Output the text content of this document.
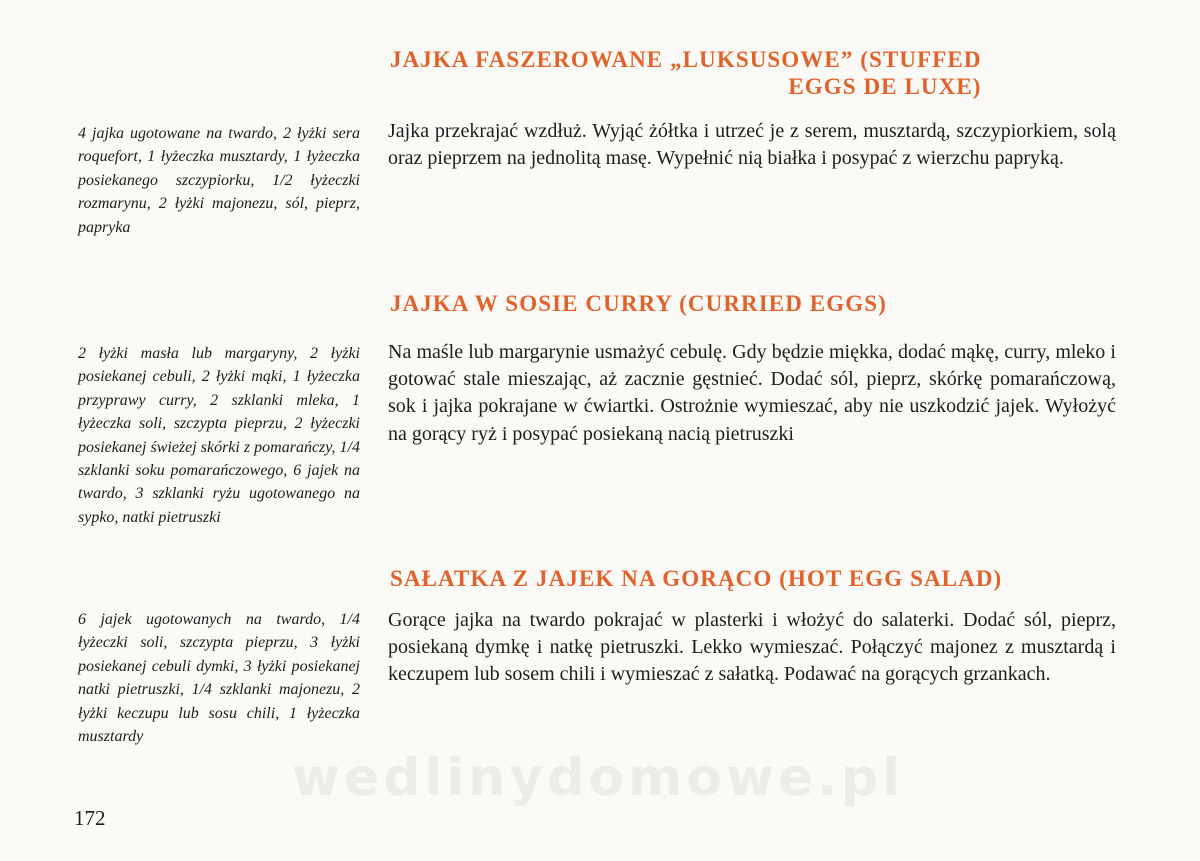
JAJKA FASZEROWANE „LUKSUSOWE” (STUFFED
EGGS DE LUXE)

4 jajka ugotowane na twardo, 2 łyżki sera roquefort, 1 łyżeczka musztardy, 1 łyżeczka posiekanego szczypiorku, 1/2 łyżeczki rozmarynu, 2 łyżki majonezu, sól, pieprz, papryka

Jajka przekrajać wzdłuż. Wyjąć żółtka i utrzeć je z serem, musztardą, szczypiorkiem, solą oraz pieprzem na jednolitą masę. Wypełnić nią białka i posypać z wierzchu papryką.

JAJKA W SOSIE CURRY (CURRIED EGGS)

2 łyżki masła lub margaryny, 2 łyżki posiekanej cebuli, 2 łyżki mąki, 1 łyżeczka przyprawy curry, 2 szklanki mleka, 1 łyżeczka soli, szczypta pieprzu, 2 łyżeczki posiekanej świeżej skórki z pomarańczy, 1/4 szklanki soku pomarańczowego, 6 jajek na twardo, 3 szklanki ryżu ugotowanego na sypko, natki pietruszki

Na maśle lub margarynie usmażyć cebulę. Gdy będzie miękka, dodać mąkę, curry, mleko i gotować stale mieszając, aż zacznie gęstnieć. Dodać sól, pieprz, skórkę pomarańczową, sok i jajka pokrajane w ćwiartki. Ostrożnie wymieszać, aby nie uszkodzić jajek. Wyłożyć na gorący ryż i posypać posiekaną nacią pietruszki

SAŁATKA Z JAJEK NA GORĄCO (HOT EGG SALAD)

6 jajek ugotowanych na twardo, 1/4 łyżeczki soli, szczypta pieprzu, 3 łyżki posiekanej cebuli dymki, 3 łyżki posiekanej natki pietruszki, 1/4 szklanki majonezu, 2 łyżki keczupu lub sosu chili, 1 łyżeczka musztardy

Gorące jajka na twardo pokrajać w plasterki i włożyć do salaterki. Dodać sól, pieprz, posiekaną dymkę i natkę pietruszki. Lekko wymieszać. Połączyć majonez z musztardą i keczupem lub sosem chili i wymieszać z sałatką. Podawać na gorących grzankach.

wedlinydomowe.pl

172
